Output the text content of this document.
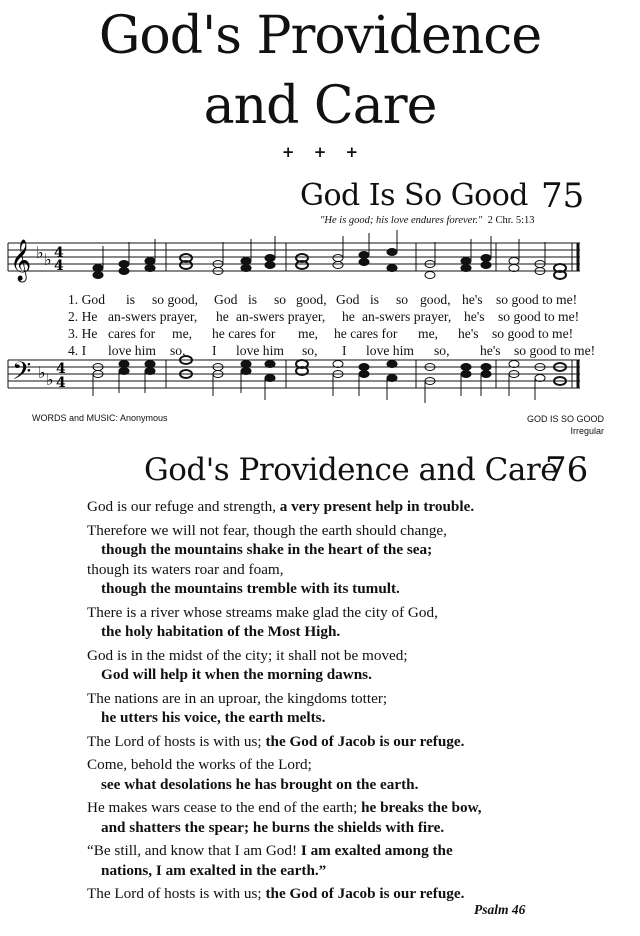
God's Providence
and Care
+ + +
God Is So Good 75
"He is good; his love endures forever." 2 Chr. 5:13
𝄞 ♭ ♭ 4
4
1. God	is	so good,	God is	so good, God is	so good, he's so good to me!
2. He an-swers prayer,	he an-swers prayer,	he an-swers prayer, he's so good to me!
3. He cares for	me,	he cares for	me,	he cares for	me,	he's so good to me!
4. I	love him	so,	I	love him	so,	I	love him	so,	he's so good to me!
𝄢 ♭ ♭
4
4
WORDS and MUSIC: Anonymous	GOD IS SO GOOD
Irregular
God's Providence and Care
76
God is our refuge and strength, a very present help in trouble.
Therefore we will not fear, though the earth should change,
though the mountains shake in the heart of the sea;
though its waters roar and foam,
though the mountains tremble with its tumult.
There is a river whose streams make glad the city of God,
the holy habitation of the Most High.
God is in the midst of the city; it shall not be moved;
God will help it when the morning dawns.
The nations are in an uproar, the kingdoms totter;
he utters his voice, the earth melts.
The Lord of hosts is with us; the God of Jacob is our refuge.
Come, behold the works of the Lord;
see what desolations he has brought on the earth.
He makes wars cease to the end of the earth; he breaks the bow,
and shatters the spear; he burns the shields with fire.
“Be still, and know that I am God! I am exalted among the
nations, I am exalted in the earth.”
The Lord of hosts is with us; the God of Jacob is our refuge.
Psalm 46
